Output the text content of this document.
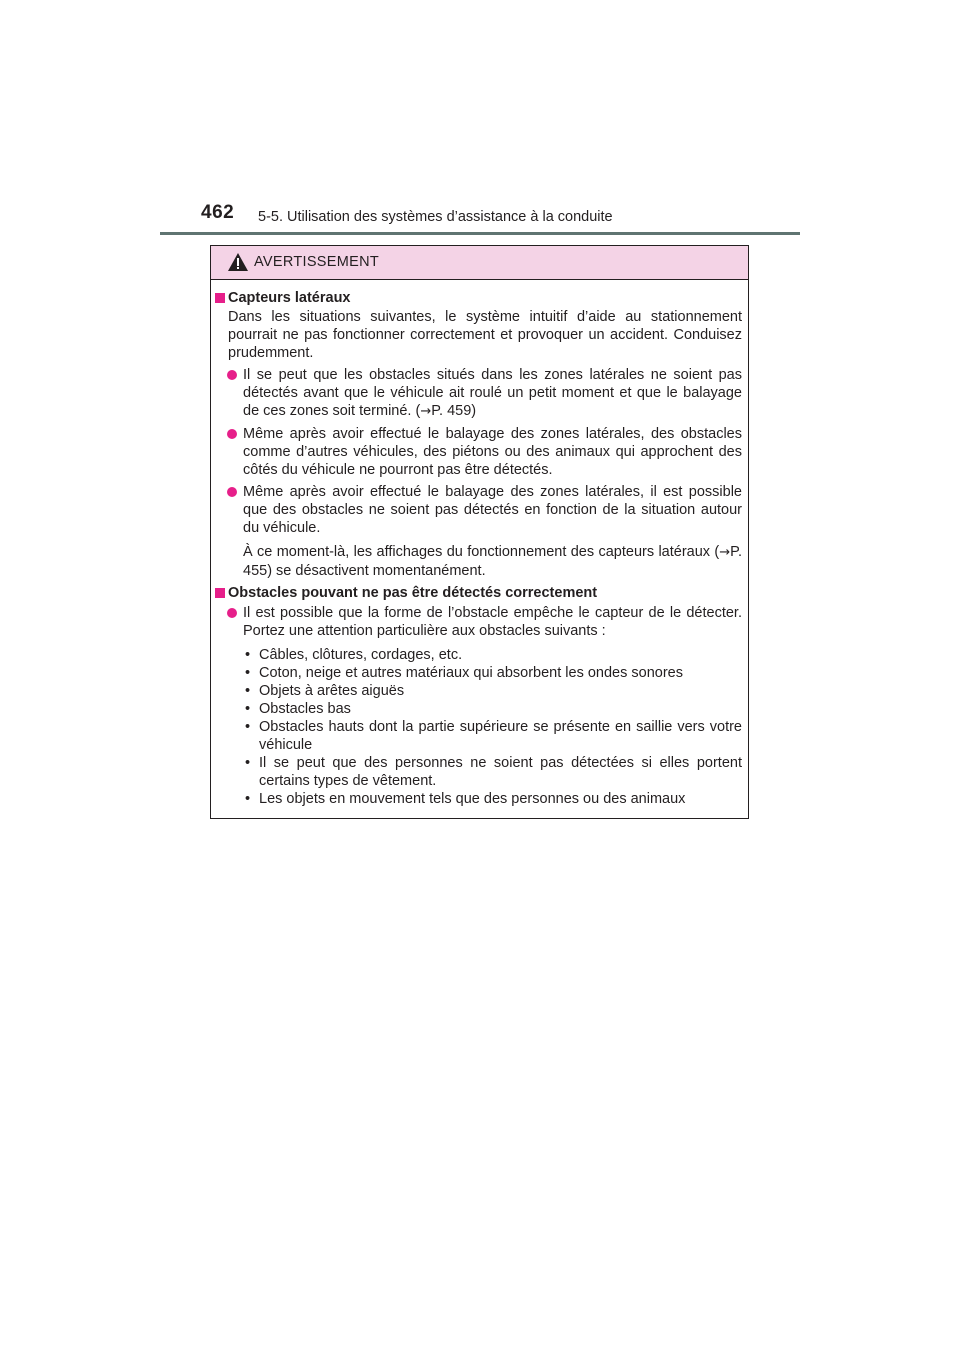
462 5-5. Utilisation des systèmes d’assistance à la conduite
AVERTISSEMENT
Capteurs latéraux
Dans les situations suivantes, le système intuitif d’aide au stationnement pourrait ne pas fonctionner correctement et provoquer un accident. Conduisez prudemment.

Il se peut que les obstacles situés dans les zones latérales ne soient pas détectés avant que le véhicule ait roulé un petit moment et que le balayage de ces zones soit terminé. (→P. 459)

Même après avoir effectué le balayage des zones latérales, des obstacles comme d’autres véhicules, des piétons ou des animaux qui approchent des côtés du véhicule ne pourront pas être détectés.

Même après avoir effectué le balayage des zones latérales, il est possible que des obstacles ne soient pas détectés en fonction de la situation autour du véhicule.

À ce moment-là, les affichages du fonctionnement des capteurs latéraux (→P. 455) se désactivent momentanément.

Obstacles pouvant ne pas être détectés correctement

Il est possible que la forme de l’obstacle empêche le capteur de le détecter. Portez une attention particulière aux obstacles suivants :

• Câbles, clôtures, cordages, etc.
• Coton, neige et autres matériaux qui absorbent les ondes sonores
• Objets à arêtes aiguës
• Obstacles bas
• Obstacles hauts dont la partie supérieure se présente en saillie vers votre véhicule
• Il se peut que des personnes ne soient pas détectées si elles portent certains types de vêtement.
• Les objets en mouvement tels que des personnes ou des animaux
